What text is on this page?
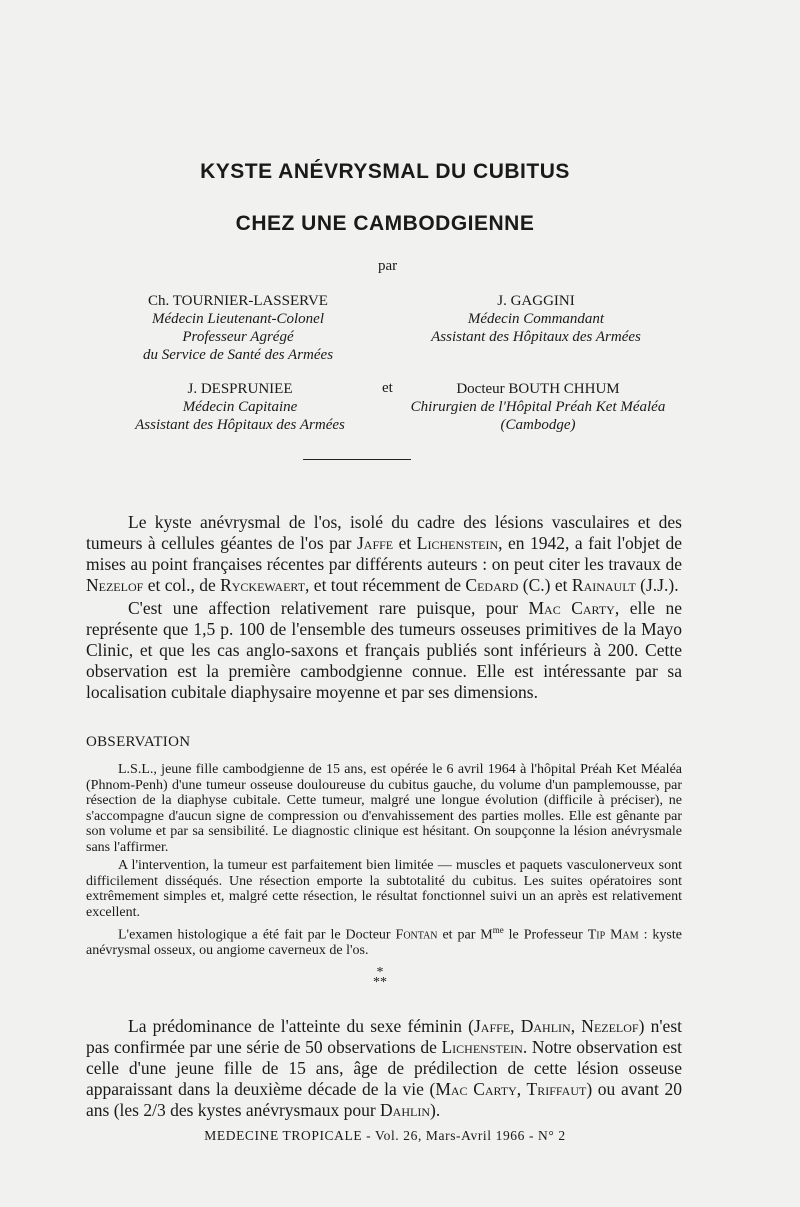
KYSTE ANÉVRYSMAL DU CUBITUS
CHEZ UNE CAMBODGIENNE
par
Ch. TOURNIER-LASSERVE
Médecin Lieutenant-Colonel
Professeur Agrégé
du Service de Santé des Armées
J. GAGGINI
Médecin Commandant
Assistant des Hôpitaux des Armées
J. DESPRUNIEE
Médecin Capitaine
Assistant des Hôpitaux des Armées
et	Docteur BOUTH CHHUM
Chirurgien de l'Hôpital Préah Ket Méaléa
(Cambodge)

Le kyste anévrysmal de l'os, isolé du cadre des lésions vasculaires et des tumeurs à cellules géantes de l'os par Jaffe et Lichenstein, en 1942, a fait l'objet de mises au point françaises récentes par différents auteurs : on peut citer les travaux de Nezelof et col., de Ryckewaert, et tout récemment de Cedard (C.) et Rainault (J.J.).

C'est une affection relativement rare puisque, pour Mac Carty, elle ne représente que 1,5 p. 100 de l'ensemble des tumeurs osseuses primitives de la Mayo Clinic, et que les cas anglo-saxons et français publiés sont inférieurs à 200. Cette observation est la première cambodgienne connue. Elle est intéressante par sa localisation cubitale diaphysaire moyenne et par ses dimensions.

OBSERVATION

L.S.L., jeune fille cambodgienne de 15 ans, est opérée le 6 avril 1964 à l'hôpital Préah Ket Méaléa (Phnom-Penh) d'une tumeur osseuse douloureuse du cubitus gauche, du volume d'un pamplemousse, par résection de la diaphyse cubitale. Cette tumeur, malgré une longue évolution (difficile à préciser), ne s'accompagne d'aucun signe de compression ou d'envahissement des parties molles. Elle est gênante par son volume et par sa sensibilité. Le diagnostic clinique est hésitant. On soupçonne la lésion anévrysmale sans l'affirmer.

A l'intervention, la tumeur est parfaitement bien limitée — muscles et paquets vasculonerveux sont difficilement disséqués. Une résection emporte la subtotalité du cubitus. Les suites opératoires sont extrêmement simples et, malgré cette résection, le résultat fonctionnel suivi un an après est relativement excellent.

L'examen histologique a été fait par le Docteur Fontan et par $M^{me}$ le Professeur Tip Mam : kyste anévrysmal osseux, ou angiome caverneux de l'os.

*
**

La prédominance de l'atteinte du sexe féminin (Jaffe, Dahlin, Nezelof) n'est pas confirmée par une série de 50 observations de Lichenstein. Notre observation est celle d'une jeune fille de 15 ans, âge de prédilection de cette lésion osseuse apparaissant dans la deuxième décade de la vie (Mac Carty, Triffaut) ou avant 20 ans (les 2/3 des kystes anévrysmaux pour Dahlin).

MEDECINE TROPICALE - Vol. 26, Mars-Avril 1966 - N° 2
